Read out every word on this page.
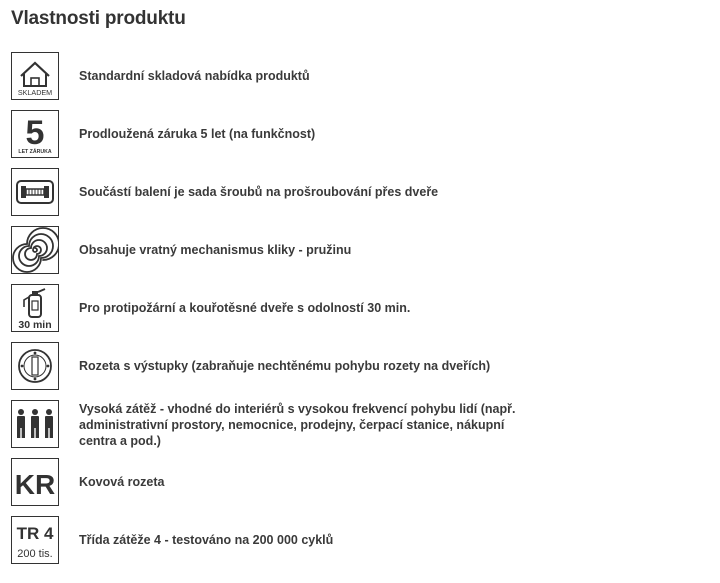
Vlastnosti produktu
SKLADEM
Standardní skladová nabídka produktů
5
LET ZÁRUKA
Prodloužená záruka 5 let (na funkčnost)
Součástí balení je sada šroubů na prošroubování přes dveře
Obsahuje vratný mechanismus kliky - pružinu
30 min
Pro protipožární a kouřotěsné dveře s odolností 30 min.
Rozeta s výstupky (zabraňuje nechtěnému pohybu rozety na dveřích)
Vysoká zátěž - vhodné do interiérů s vysokou frekvencí pohybu lidí (např. administrativní prostory, nemocnice, prodejny, čerpací stanice, nákupní centra a pod.)
KR Kovová rozeta
TR 4
200 tis.
Třída zátěže 4 - testováno na 200 000 cyklů
